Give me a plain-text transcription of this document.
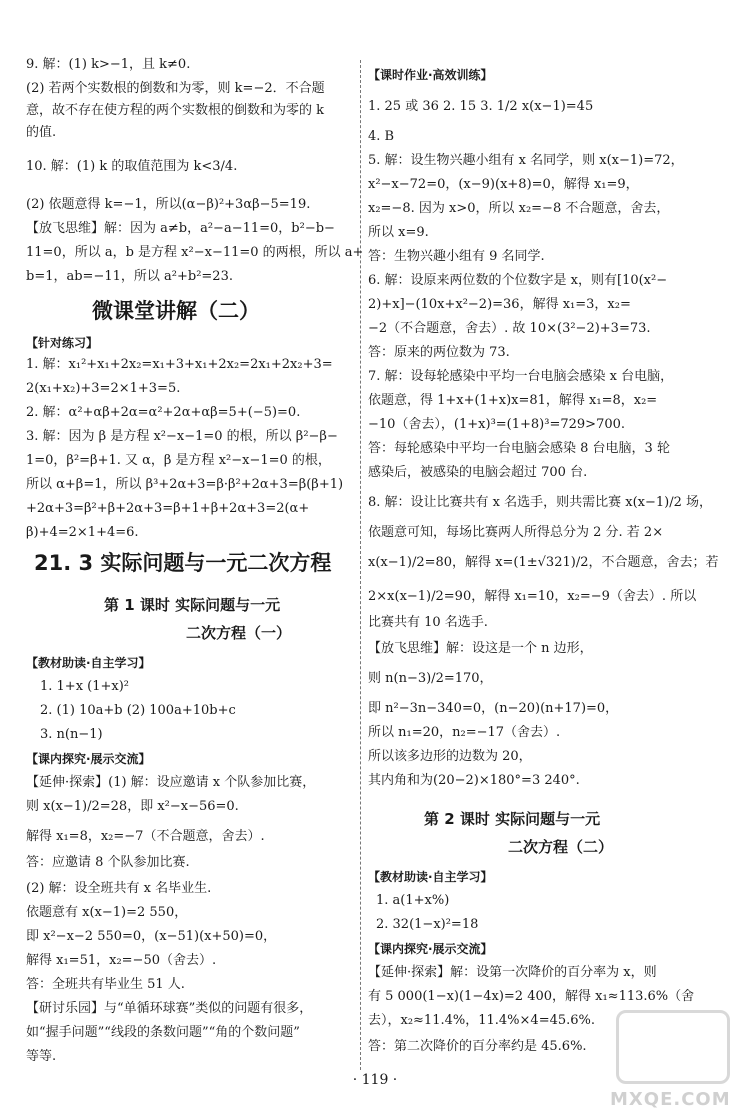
9. 解：(1) k>−1，且 k≠0.
(2) 若两个实数根的倒数和为零，则 k=−2．不合题
意，故不存在使方程的两个实数根的倒数和为零的 k
的值.
10. 解：(1) k 的取值范围为 k<3/4.
(2) 依题意得 k=−1，所以(α−β)²+3αβ−5=19.
【放飞思维】解：因为 a≠b，a²−a−11=0，b²−b−
11=0，所以 a，b 是方程 x²−x−11=0 的两根，所以 a+
b=1，ab=−11，所以 a²+b²=23.
微课堂讲解（二）
【针对练习】
1. 解：x₁²+x₁+2x₂=x₁+3+x₁+2x₂=2x₁+2x₂+3=
2(x₁+x₂)+3=2×1+3=5.
2. 解：α²+αβ+2α=α²+2α+αβ=5+(−5)=0.
3. 解：因为 β 是方程 x²−x−1=0 的根，所以 β²−β−
1=0，β²=β+1. 又 α，β 是方程 x²−x−1=0 的根，
所以 α+β=1，所以 β³+2α+3=β·β²+2α+3=β(β+1)
+2α+3=β²+β+2α+3=β+1+β+2α+3=2(α+
β)+4=2×1+4=6.
21. 3 实际问题与一元二次方程
第 1 课时 实际问题与一元
二次方程（一）
【教材助读·自主学习】
1. 1+x (1+x)²
2. (1) 10a+b (2) 100a+10b+c
3. n(n−1)
【课内探究·展示交流】
【延伸·探索】(1) 解：设应邀请 x 个队参加比赛，
则 x(x−1)/2=28，即 x²−x−56=0.
解得 x₁=8，x₂=−7（不合题意，舍去）.
答：应邀请 8 个队参加比赛.
(2) 解：设全班共有 x 名毕业生.
依题意有 x(x−1)=2 550，
即 x²−x−2 550=0，(x−51)(x+50)=0，
解得 x₁=51，x₂=−50（舍去）.
答：全班共有毕业生 51 人.
【研讨乐园】与“单循环球赛”类似的问题有很多，
如“握手问题”“线段的条数问题”“角的个数问题”
等等.
【课时作业·高效训练】
1. 25 或 36 2. 15 3. 1/2 x(x−1)=45
4. B
5. 解：设生物兴趣小组有 x 名同学，则 x(x−1)=72，
x²−x−72=0，(x−9)(x+8)=0，解得 x₁=9，
x₂=−8. 因为 x>0，所以 x₂=−8 不合题意，舍去，
所以 x=9.
答：生物兴趣小组有 9 名同学.
6. 解：设原来两位数的个位数字是 x，则有[10(x²−
2)+x]−(10x+x²−2)=36，解得 x₁=3，x₂=
−2（不合题意，舍去）. 故 10×(3²−2)+3=73.
答：原来的两位数为 73.
7. 解：设每轮感染中平均一台电脑会感染 x 台电脑，
依题意，得 1+x+(1+x)x=81，解得 x₁=8，x₂=
−10（舍去），(1+x)³=(1+8)³=729>700.
答：每轮感染中平均一台电脑会感染 8 台电脑，3 轮
感染后，被感染的电脑会超过 700 台.
8. 解：设让比赛共有 x 名选手，则共需比赛 x(x−1)/2 场，
依题意可知，每场比赛两人所得总分为 2 分. 若 2×
x(x−1)/2=80，解得 x=(1±√321)/2，不合题意，舍去；若
2×x(x−1)/2=90，解得 x₁=10，x₂=−9（舍去）. 所以
比赛共有 10 名选手.
【放飞思维】解：设这是一个 n 边形，
则 n(n−3)/2=170，
即 n²−3n−340=0，(n−20)(n+17)=0，
所以 n₁=20，n₂=−17（舍去）.
所以该多边形的边数为 20，
其内角和为(20−2)×180°=3 240°.
第 2 课时 实际问题与一元
二次方程（二）
【教材助读·自主学习】
1. a(1+x%)
2. 32(1−x)²=18
【课内探究·展示交流】
【延伸·探索】解：设第一次降价的百分率为 x，则
有 5 000(1−x)(1−4x)=2 400，解得 x₁≈113.6%（舍
去），x₂≈11.4%，11.4%×4=45.6%.
答：第二次降价的百分率约是 45.6%.
· 119 ·
MXQE.COM
